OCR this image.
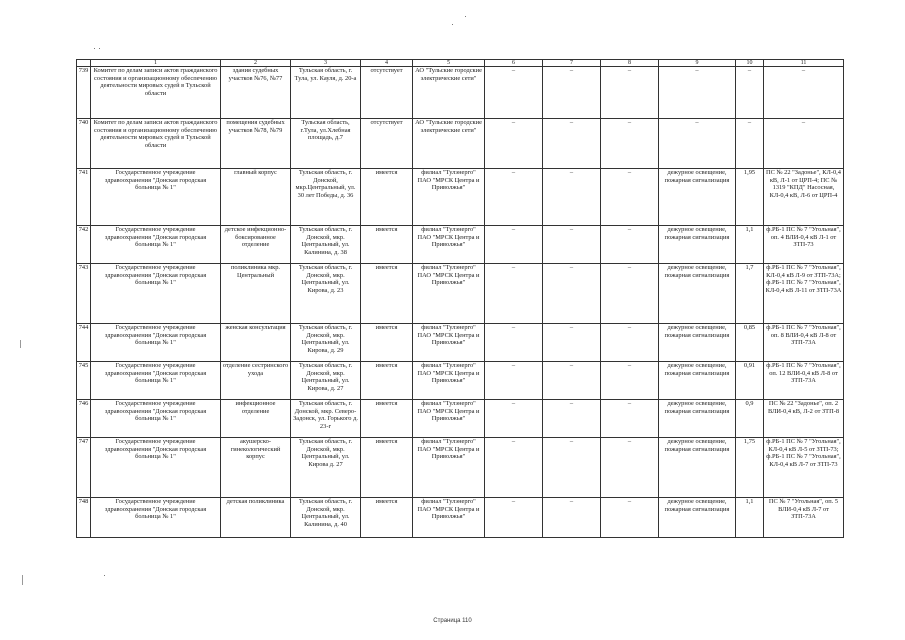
	1	2	3	4	5	6	7	8	9	10	11
739	Комитет по делам записи актов гражданского состояния и организационному обеспечению деятельности мировых судей в Тульской области	здания судебных участков №76, №77	Тульская область, г. Тула, ул. Кауля, д. 20-а	отсутствует	АО "Тульские городские электрические сети"	–	–	–	–	–	–
740	Комитет по делам записи актов гражданского состояния и организационному обеспечению деятельности мировых судей в Тульской области	помещения судебных участков №78, №79	Тульская область, г.Тула, ул.Хлебная площадь, д.7	отсутствует	АО "Тульские городские электрические сети"	–	–	–	–	–	–
741	Государственное учреждение здравоохранения "Донская городская больница № 1"	главный корпус	Тульская область, г. Донской, мкр.Центральный, ул. 30 лет Победы, д. 36	имеется	филиал "Тулэнерго" ПАО "МРСК Центра и Приволжья"	–	–	–	дежурное освещение, пожарная сигнализация	1,95	ПС № 22 "Задонье", КЛ-0,4 кВ, Л-1 от ЦРП-4; ПС № 1319 "КПД" Насосная, КЛ-0,4 кВ, Л-6 от ЦРП-4
742	Государственное учреждение здравоохранения "Донская городская больница № 1"	детское инфекционно-боксированное отделение	Тульская область, г. Донской, мкр. Центральный, ул. Калинина, д. 38	имеется	филиал "Тулэнерго" ПАО "МРСК Центра и Приволжья"	–	–	–	дежурное освещение, пожарная сигнализация	1,1	ф.РБ-1 ПС № 7 "Угольная", оп. 4 ВЛИ-0,4 кВ Л-1 от ЗТП-73
743	Государственное учреждение здравоохранения "Донская городская больница № 1"	поликлиника мкр. Центральный	Тульская область, г. Донской, мкр. Центральный, ул. Кирова, д. 23	имеется	филиал "Тулэнерго" ПАО "МРСК Центра и Приволжья"	–	–	–	дежурное освещение, пожарная сигнализация	1,7	ф.РБ-1 ПС № 7 "Угольная", КЛ-0,4 кВ Л-9 от ЗТП-73А; ф.РБ-1 ПС № 7 "Угольная", КЛ-0,4 кВ Л-11 от ЗТП-73А
744	Государственное учреждение здравоохранения "Донская городская больница № 1"	женская консультация	Тульская область, г. Донской, мкр. Центральный, ул. Кирова, д. 29	имеется	филиал "Тулэнерго" ПАО "МРСК Центра и Приволжья"	–	–	–	дежурное освещение, пожарная сигнализация	0,85	ф.РБ-1 ПС № 7 "Угольная", оп. 8 ВЛИ-0,4 кВ Л-8 от ЗТП-73А
745	Государственное учреждение здравоохранения "Донская городская больница № 1"	отделение сестринского ухода	Тульская область, г. Донской, мкр. Центральный, ул. Кирова, д. 27	имеется	филиал "Тулэнерго" ПАО "МРСК Центра и Приволжья"	–	–	–	дежурное освещение, пожарная сигнализация	0,91	ф.РБ-1 ПС № 7 "Угольная", оп. 12 ВЛИ-0,4 кВ Л-8 от ЗТП-73А
746	Государственное учреждение здравоохранения "Донская городская больница № 1"	инфекционное отделение	Тульская область, г. Донской, мкр. Северо-Задонск, ул. Горького д. 23-г	имеется	филиал "Тулэнерго" ПАО "МРСК Центра и Приволжья"	–	–	–	дежурное освещение, пожарная сигнализация	0,9	ПС № 22 "Задонье", оп. 2 ВЛИ-0,4 кВ, Л-2 от ЗТП-8
747	Государственное учреждение здравоохранения "Донская городская больница № 1"	акушерско-гинекологический корпус	Тульская область, г. Донской, мкр. Центральный, ул. Кирова д. 27	имеется	филиал "Тулэнерго" ПАО "МРСК Центра и Приволжья"	–	–	–	дежурное освещение, пожарная сигнализация	1,75	ф.РБ-1 ПС № 7 "Угольная", КЛ-0,4 кВ Л-5 от ЗТП-73; ф.РБ-1 ПС № 7 "Угольная", КЛ-0,4 кВ Л-7 от ЗТП-73
748	Государственное учреждение здравоохранения "Донская городская больница № 1"	детская поликлиника	Тульская область, г. Донской, мкр. Центральный, ул. Калинина, д. 40	имеется	филиал "Тулэнерго" ПАО "МРСК Центра и Приволжья"	–	–	–	дежурное освещение, пожарная сигнализация	1,1	ПС № 7 "Угольная", оп. 5 ВЛИ-0,4 кВ Л-7 от ЗТП-73А
Страница 110
